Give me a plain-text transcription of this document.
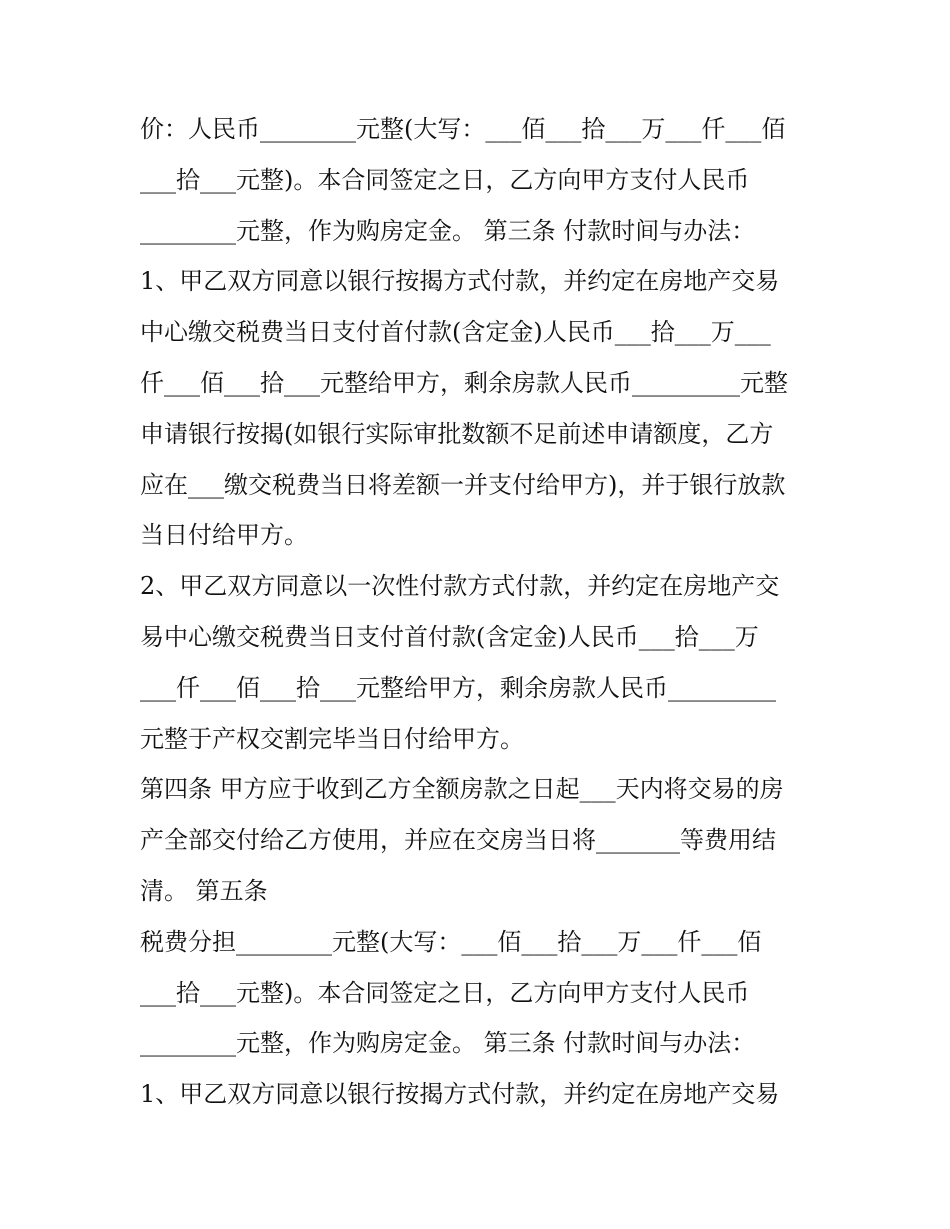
价：人民币________元整(大写：___佰___拾___万___仟___佰

___拾___元整)。本合同签定之日，乙方向甲方支付人民币

________元整，作为购房定金。 第三条 付款时间与办法：

1、甲乙双方同意以银行按揭方式付款，并约定在房地产交易

中心缴交税费当日支付首付款(含定金)人民币___拾___万___

仟___佰___拾___元整给甲方，剩余房款人民币_________元整

申请银行按揭(如银行实际审批数额不足前述申请额度，乙方

应在___缴交税费当日将差额一并支付给甲方)，并于银行放款

当日付给甲方。

2、甲乙双方同意以一次性付款方式付款，并约定在房地产交

易中心缴交税费当日支付首付款(含定金)人民币___拾___万

___仟___佰___拾___元整给甲方，剩余房款人民币_________

元整于产权交割完毕当日付给甲方。

第四条 甲方应于收到乙方全额房款之日起___天内将交易的房

产全部交付给乙方使用，并应在交房当日将_______等费用结

清。 第五条

税费分担________元整(大写：___佰___拾___万___仟___佰

___拾___元整)。本合同签定之日，乙方向甲方支付人民币

________元整，作为购房定金。 第三条 付款时间与办法：

1、甲乙双方同意以银行按揭方式付款，并约定在房地产交易
